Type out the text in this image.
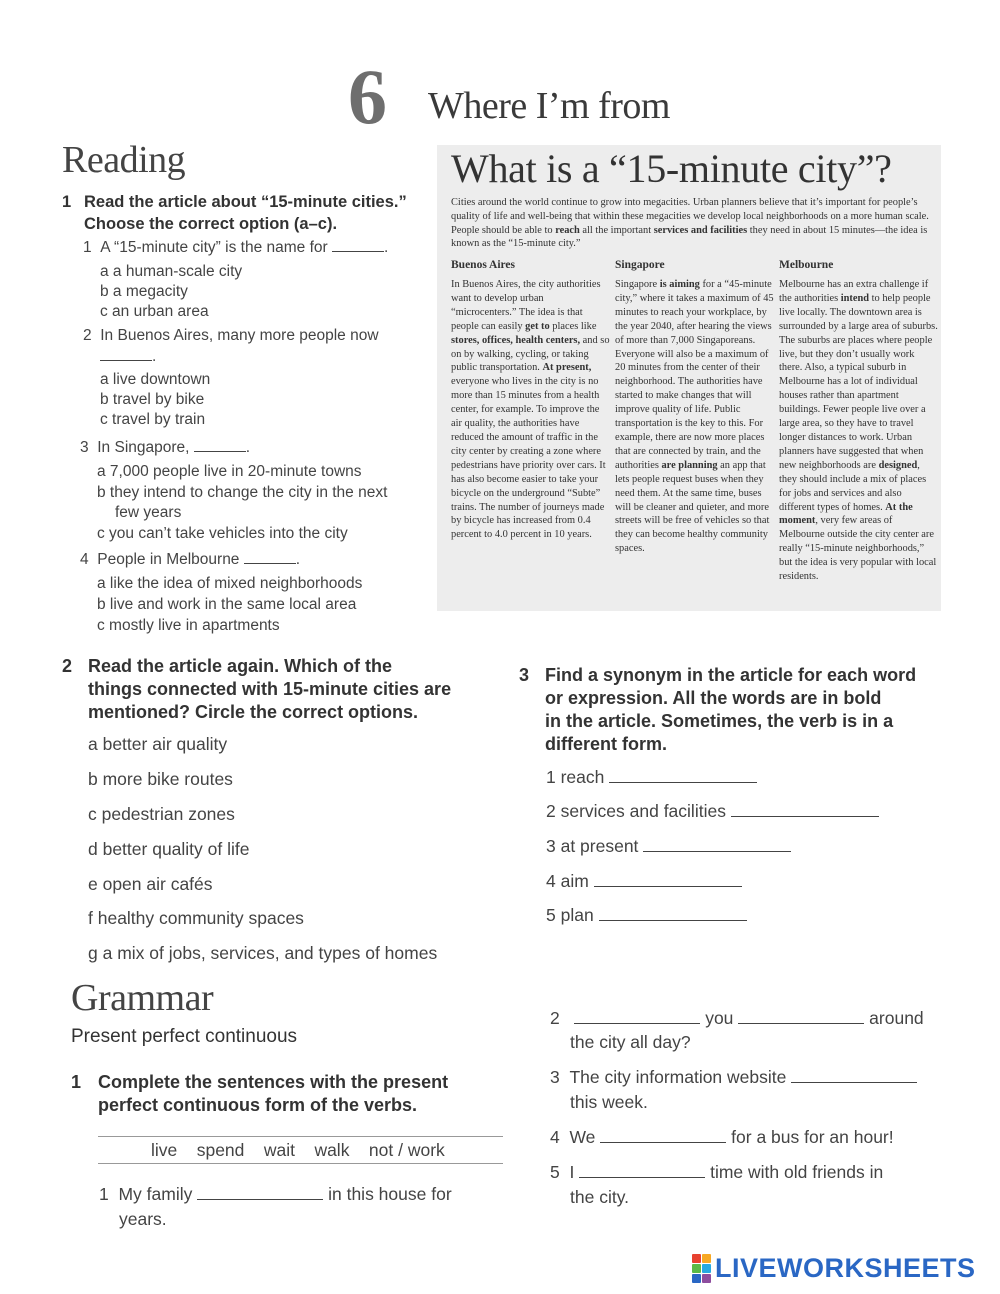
6 Where I’m from
Reading
1 Read the article about “15-minute cities.”
Choose the correct option (a–c).
1 A “15-minute city” is the name for	.
a a human-scale city
b a megacity
c an urban area
2 In Buenos Aires, many more people now
.
a live downtown
b travel by bike
c travel by train
3 In Singapore,	.
a 7,000 people live in 20-minute towns
b they intend to change the city in the next
few years
c you can’t take vehicles into the city
4 People in Melbourne	.
a like the idea of mixed neighborhoods
b live and work in the same local area
c mostly live in apartments
What is a “15-minute city”?
Cities around the world continue to grow into megacities. Urban planners believe that it’s important for people’s quality of life and well-being that within these megacities we develop local neighborhoods on a more human scale. People should be able to reach all the important services and facilities they need in about 15 minutes—the idea is known as the “15-minute city.”
Buenos Aires

In Buenos Aires, the city authorities want to develop urban “microcenters.” The idea is that people can easily get to places like stores, offices, health centers, and so on by walking, cycling, or taking public transportation. At present, everyone who lives in the city is no more than 15 minutes from a health center, for example. To improve the air quality, the authorities have reduced the amount of traffic in the city center by creating a zone where pedestrians have priority over cars. It has also become easier to take your bicycle on the underground “Subte” trains. The number of journeys made by bicycle has increased from 0.4 percent to 4.0 percent in 10 years.

Singapore

Singapore is aiming for a “45-minute city,” where it takes a maximum of 45 minutes to reach your workplace, by the year 2040, after hearing the views of more than 7,000 Singaporeans. Everyone will also be a maximum of 20 minutes from the center of their neighborhood. The authorities have started to make changes that will improve quality of life. Public transportation is the key to this. For example, there are now more places that are connected by train, and the authorities are planning an app that lets people request buses when they need them. At the same time, buses will be cleaner and quieter, and more streets will be free of vehicles so that they can become healthy community spaces.

Melbourne

Melbourne has an extra challenge if the authorities intend to help people live locally. The downtown area is surrounded by a large area of suburbs. The suburbs are places where people live, but they don’t usually work there. Also, a typical suburb in Melbourne has a lot of individual houses rather than apartment buildings. Fewer people live over a large area, so they have to travel longer distances to work. Urban planners have suggested that when new neighborhoods are designed, they should include a mix of places for jobs and services and also different types of homes. At the moment, very few areas of Melbourne outside the city center are really “15-minute neighborhoods,” but the idea is very popular with local residents.

2 Read the article again. Which of the
things connected with 15-minute cities are
mentioned? Circle the correct options.
a better air quality
b more bike routes
c pedestrian zones
d better quality of life
e open air cafés
f healthy community spaces
g a mix of jobs, services, and types of homes
3 Find a synonym in the article for each word
or expression. All the words are in bold
in the article. Sometimes, the verb is in a
different form.
1 reach
2 services and facilities
3 at present
4 aim
5 plan
Grammar
Present perfect continuous
1 Complete the sentences with the present
perfect continuous form of the verbs.
live spend wait walk not / work
1 My family	in this house for
years.
2	you	around
the city all day?
3 The city information website
this week.
4 We	for a bus for an hour!
5 I	time with old friends in
the city.
LIVEWORKSHEETS
